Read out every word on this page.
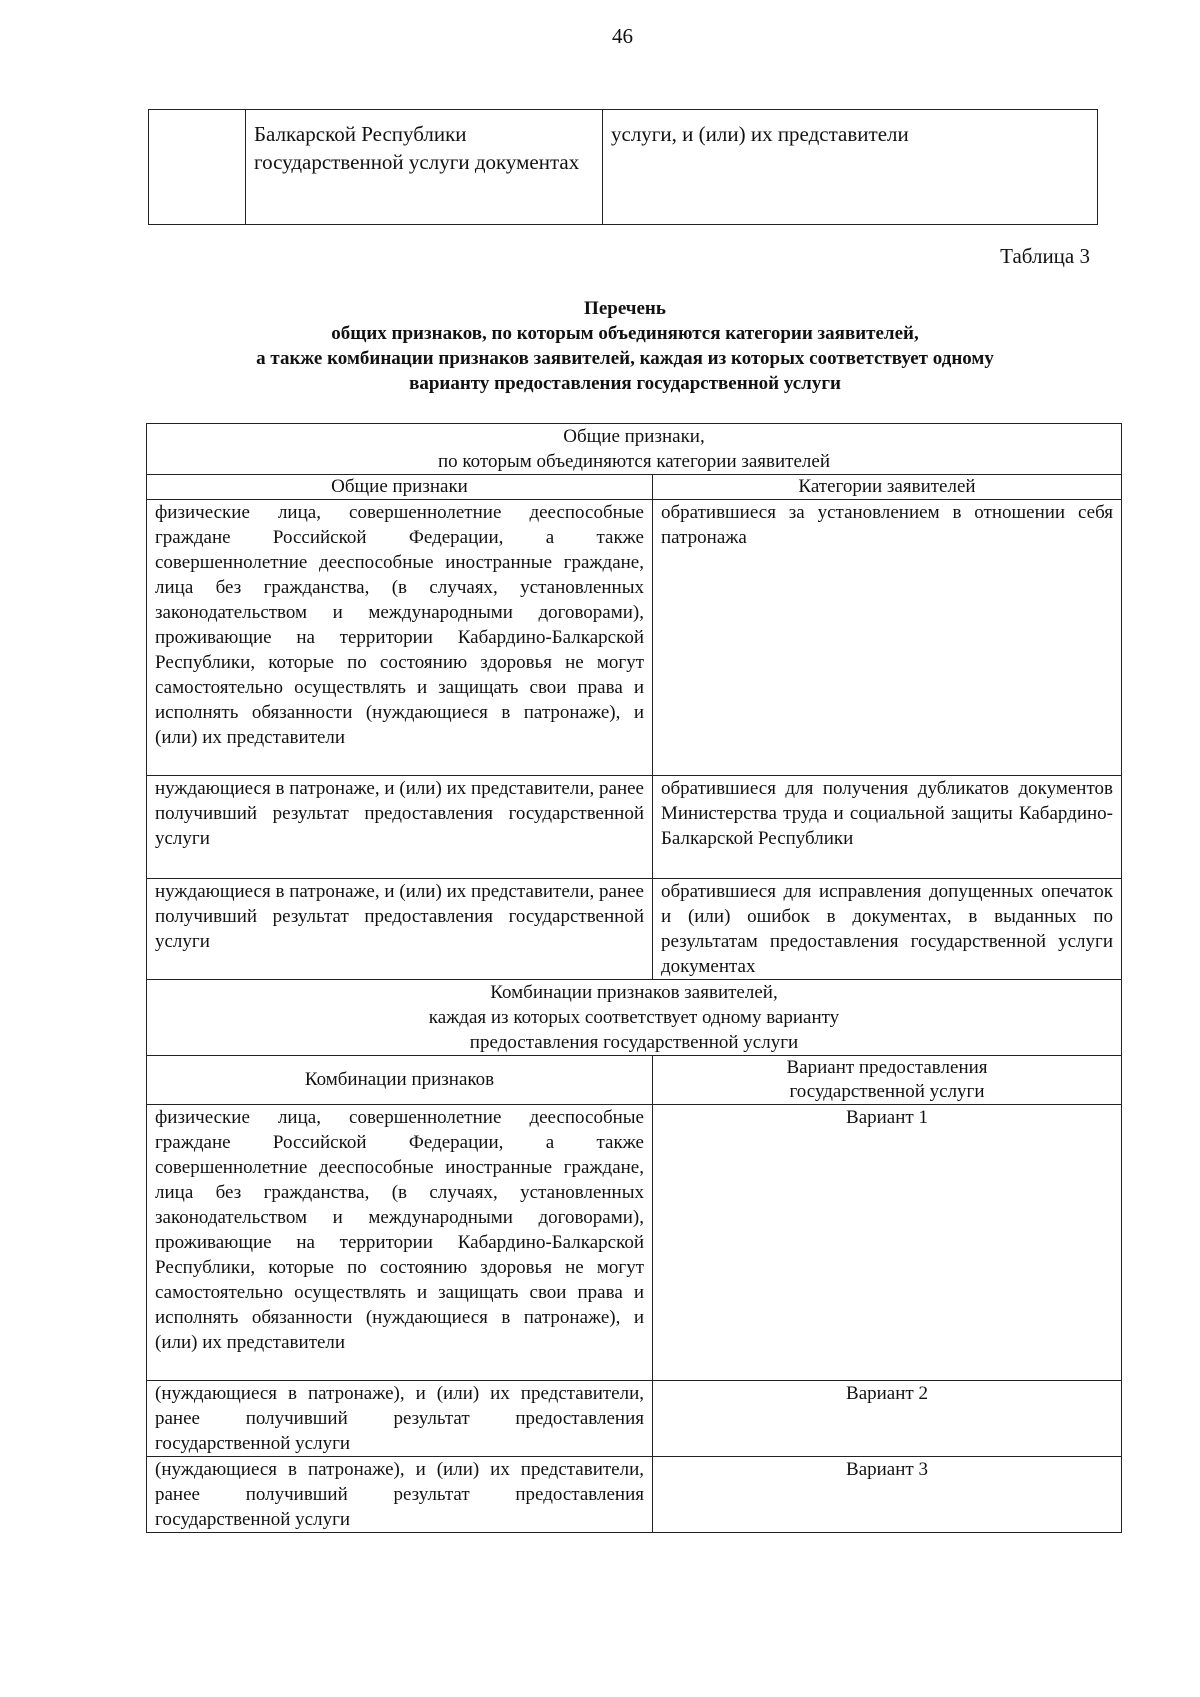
46
	Балкарской Республики государственной услуги документах	услуги, и (или) их представители
Таблица 3
Перечень
общих признаков, по которым объединяются категории заявителей,
а также комбинации признаков заявителей, каждая из которых соответствует одному
варианту предоставления государственной услуги
Общие признаки,
по которым объединяются категории заявителей	

Общие признаки	Категории заявителей
физические лица, совершеннолетние дееспособные граждане Российской Федерации, а также совершеннолетние дееспособные иностранные граждане, лица без гражданства, (в случаях, установленных законодательством и международными договорами), проживающие на территории Кабардино-Балкарской Республики, которые по состоянию здоровья не могут самостоятельно осуществлять и защищать свои права и исполнять обязанности (нуждающиеся в патронаже), и (или) их представители	обратившиеся за установлением в отношении себя патронажа
нуждающиеся в патронаже, и (или) их представители, ранее получивший результат предоставления государственной услуги	обратившиеся для получения дубликатов документов Министерства труда и социальной защиты Кабардино-Балкарской Республики
нуждающиеся в патронаже, и (или) их представители, ранее получивший результат предоставления государственной услуги	обратившиеся для исправления допущенных опечаток и (или) ошибок в документах, в выданных по результатам предоставления государственной услуги документах

Комбинации признаков заявителей,
каждая из которых соответствует одному варианту
предоставления государственной услуги	

Комбинации признаков	Вариант предоставления
государственной услуги

физические лица, совершеннолетние дееспособные граждане Российской Федерации, а также совершеннолетние дееспособные иностранные граждане, лица без гражданства, (в случаях, установленных законодательством и международными договорами), проживающие на территории Кабардино-Балкарской Республики, которые по состоянию здоровья не могут самостоятельно осуществлять и защищать свои права и исполнять обязанности (нуждающиеся в патронаже), и (или) их представители	Вариант 1
(нуждающиеся в патронаже), и (или) их представители, ранее получивший результат предоставления государственной услуги	Вариант 2
(нуждающиеся в патронаже), и (или) их представители, ранее получивший результат предоставления государственной услуги	Вариант 3
